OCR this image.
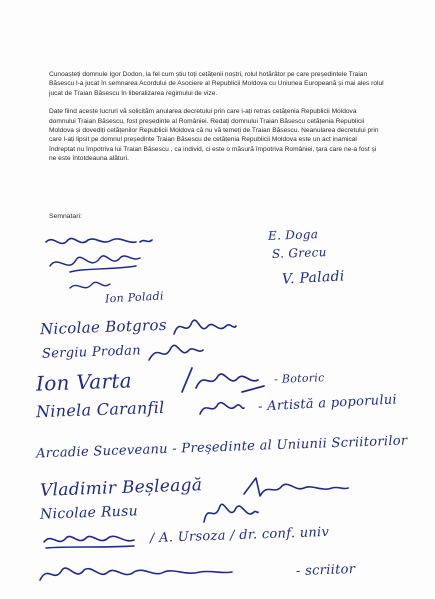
Cunoașteți domnule Igor Dodon, la fel cum știu toți cetățenii noștri, rolul hotărâtor pe care președintele Traian Băsescu l-a jucat în semnarea Acordului de Asociere al Republicii Moldova cu Uniunea Europeană și mai ales rolul jucat de Traian Băsescu în liberalizarea regimului de vize.

Date fiind aceste lucruri vă solicităm anularea decretului prin care i-ați retras cetățenia Republicii Moldova domnului Traian Băsescu, fost președinte al României. Redați domnului Traian Băsescu cetățenia Republicii Moldova și dovediți cetățenilor Republicii Moldova că nu vă temeți de Traian Băsescu. Neanularea decretului prin care l-ați lipsit pe domnul președinte Traian Băsescu de cetățenia Republicii Moldova este un act inamical îndreptat nu împotriva lui Traian Băsescu , ca individ, ci este o măsură împotriva României, țara care ne-a fost și ne este întotdeauna alături.

Semnatari:
E. Doga
S. Grecu
V. Paladi
Ion Poladi
Nicolae Botgros
Sergiu Prodan
Ion Varta	- Botoric
Ninela Caranfil	- Artistă a poporului
Arcadie Suceveanu - Președinte al Uniunii Scriitorilor
Vladimir Beșleagă
Nicolae Rusu
/ A. Ursoza / dr. conf. univ
- scriitor
